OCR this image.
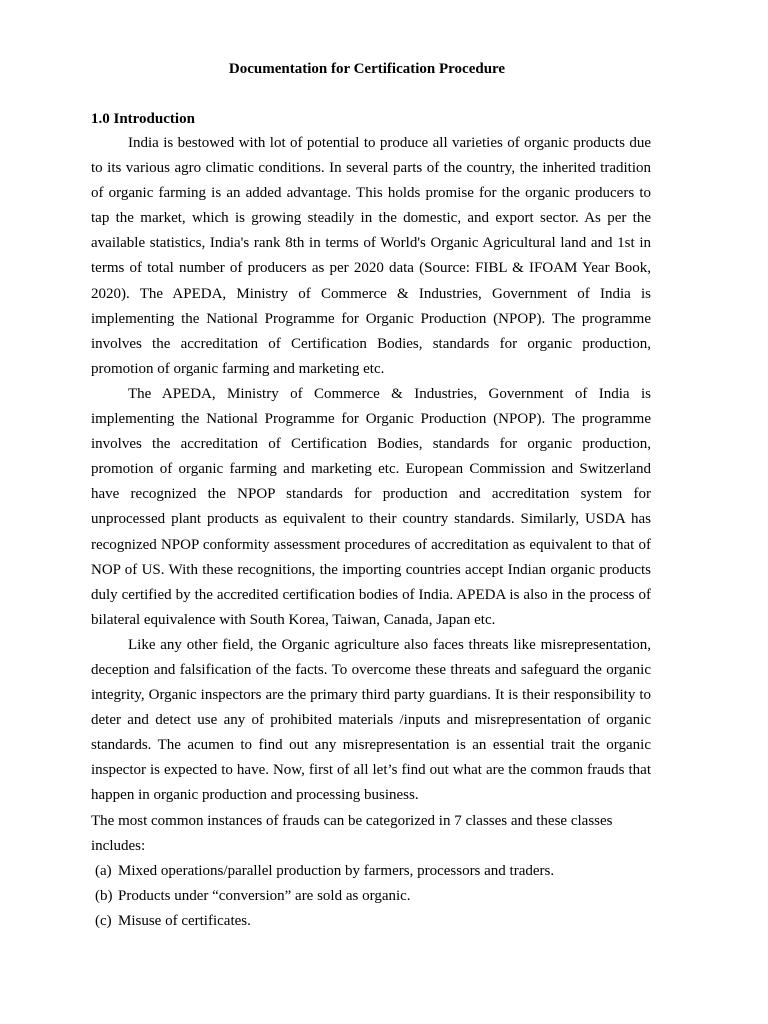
Documentation for Certification Procedure
1.0 Introduction

India is bestowed with lot of potential to produce all varieties of organic products due to its various agro climatic conditions. In several parts of the country, the inherited tradition of organic farming is an added advantage. This holds promise for the organic producers to tap the market, which is growing steadily in the domestic, and export sector. As per the available statistics, India's rank 8th in terms of World's Organic Agricultural land and 1st in terms of total number of producers as per 2020 data (Source: FIBL & IFOAM Year Book, 2020). The APEDA, Ministry of Commerce & Industries, Government of India is implementing the National Programme for Organic Production (NPOP). The programme involves the accreditation of Certification Bodies, standards for organic production, promotion of organic farming and marketing etc.

The APEDA, Ministry of Commerce & Industries, Government of India is implementing the National Programme for Organic Production (NPOP). The programme involves the accreditation of Certification Bodies, standards for organic production, promotion of organic farming and marketing etc. European Commission and Switzerland have recognized the NPOP standards for production and accreditation system for unprocessed plant products as equivalent to their country standards. Similarly, USDA has recognized NPOP conformity assessment procedures of accreditation as equivalent to that of NOP of US. With these recognitions, the importing countries accept Indian organic products duly certified by the accredited certification bodies of India. APEDA is also in the process of bilateral equivalence with South Korea, Taiwan, Canada, Japan etc.

Like any other field, the Organic agriculture also faces threats like misrepresentation, deception and falsification of the facts. To overcome these threats and safeguard the organic integrity, Organic inspectors are the primary third party guardians. It is their responsibility to deter and detect use any of prohibited materials /inputs and misrepresentation of organic standards. The acumen to find out any misrepresentation is an essential trait the organic inspector is expected to have. Now, first of all let’s find out what are the common frauds that happen in organic production and processing business.

The most common instances of frauds can be categorized in 7 classes and these classes includes:

(a) Mixed operations/parallel production by farmers, processors and traders.
(b) Products under “conversion” are sold as organic.
(c) Misuse of certificates.
